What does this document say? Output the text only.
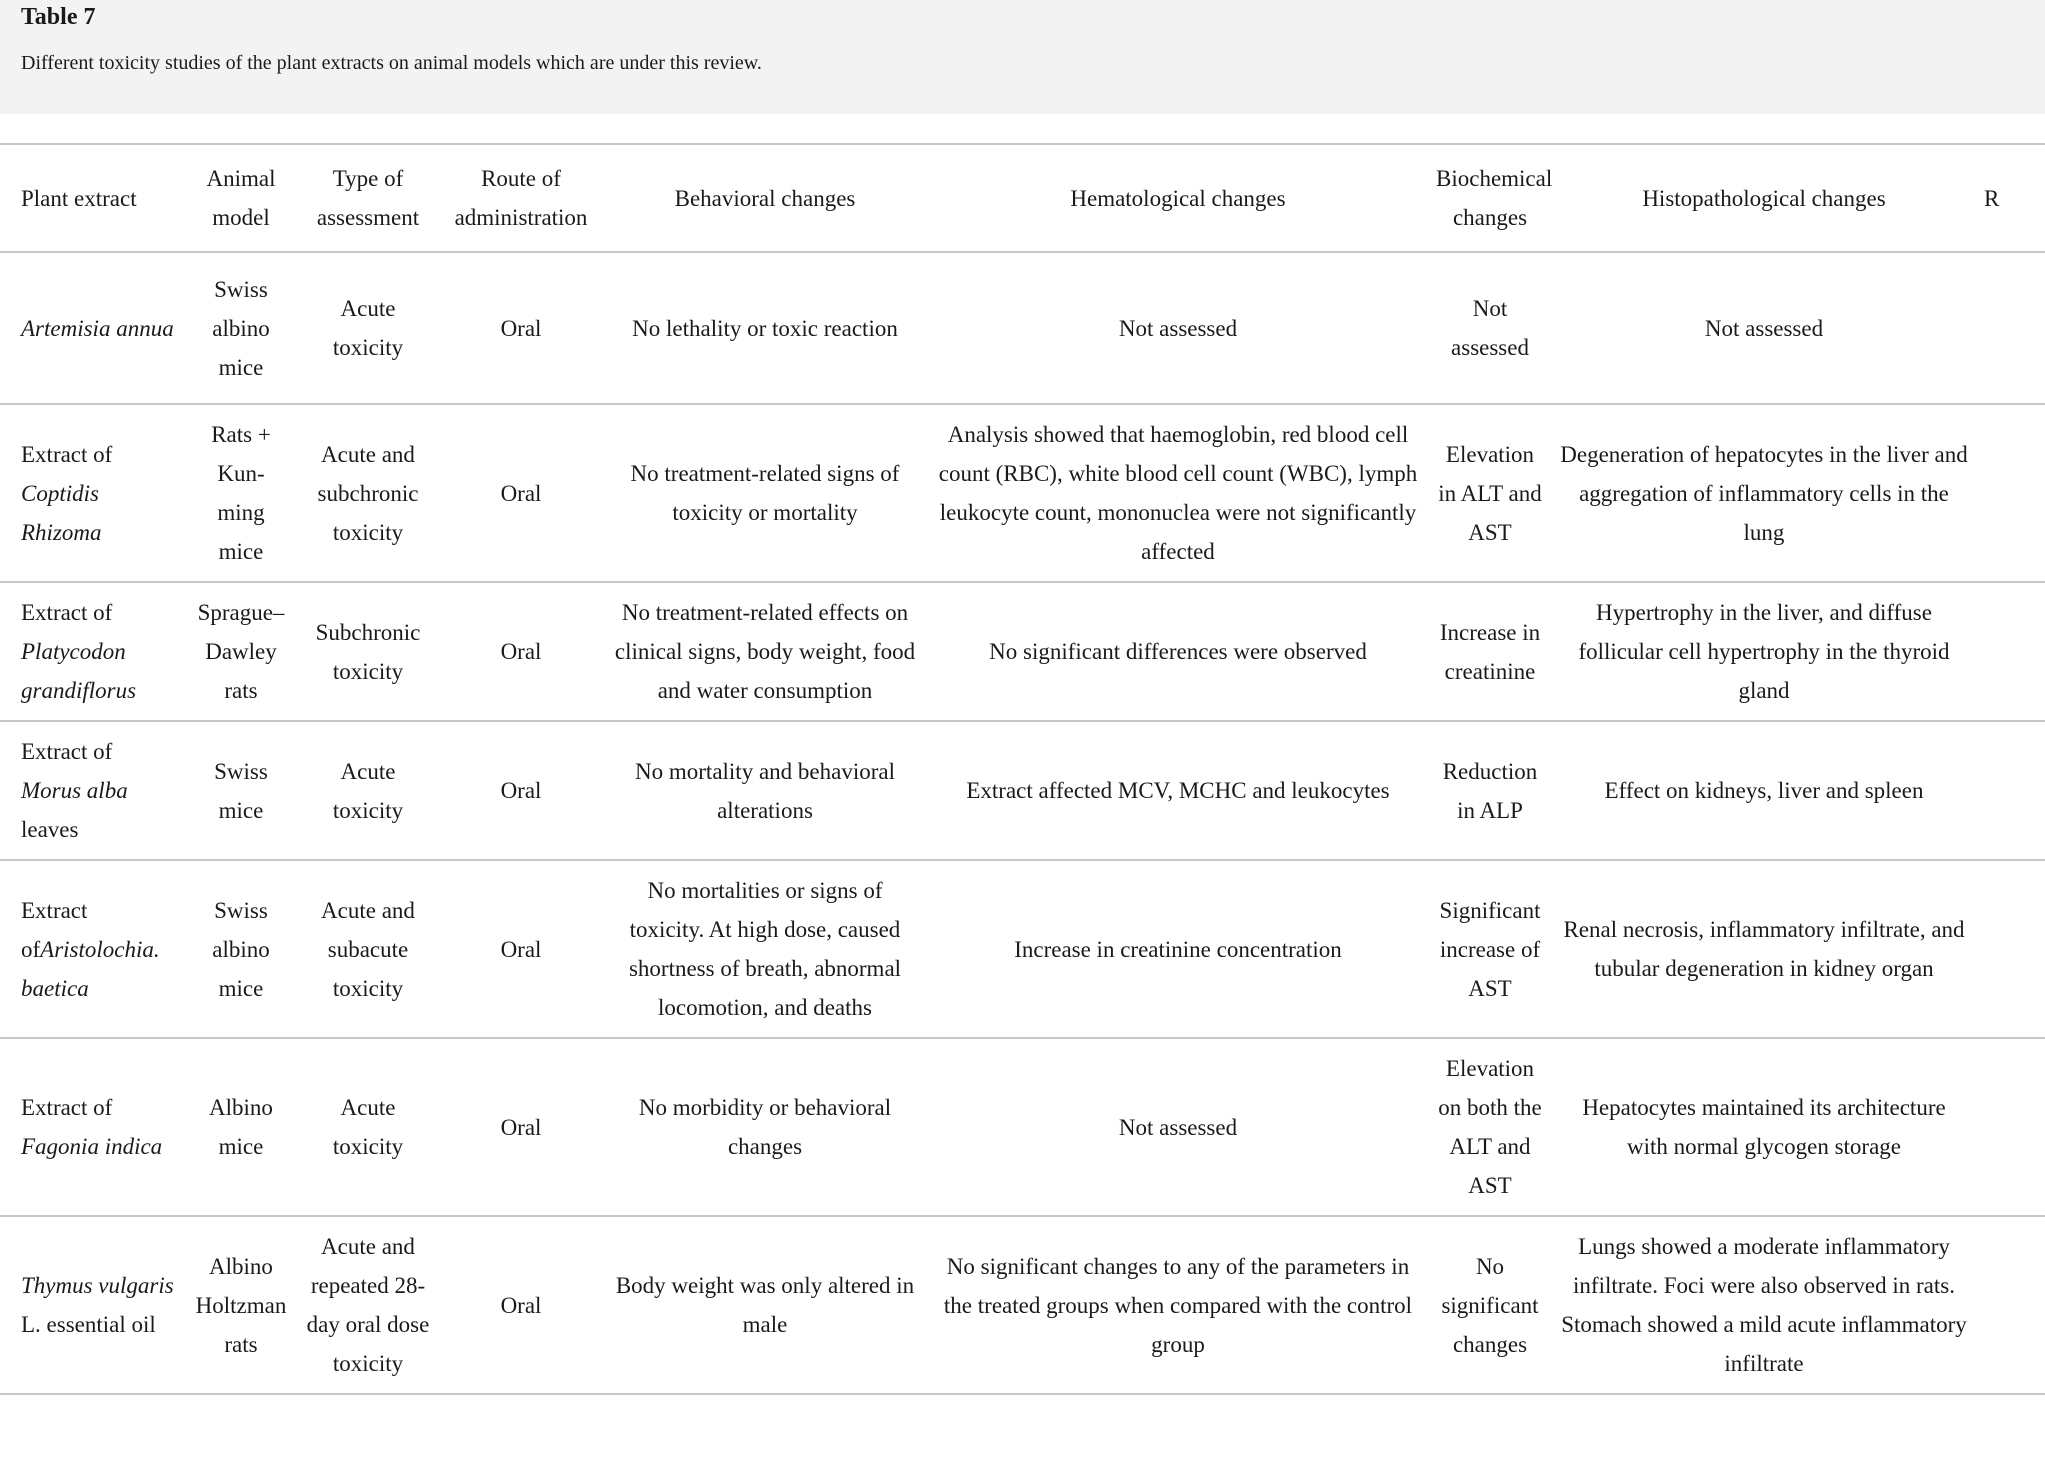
Table 7
Different toxicity studies of the plant extracts on animal models which are under this review.
Plant extract	Animal model	Type of assessment	Route of administration	Behavioral changes	Hematological changes	Biochemical changes	Histopathological changes	R
Artemisia annua	Swiss albino mice	Acute toxicity	Oral	No lethality or toxic reaction	Not assessed	Not assessed	Not assessed	
Extract of Coptidis Rhizoma	Rats + Kun-ming mice	Acute and subchronic toxicity	Oral	No treatment-related signs of toxicity or mortality	Analysis showed that haemoglobin, red blood cell count (RBC), white blood cell count (WBC), lymph leukocyte count, mononuclea were not significantly affected	Elevation in ALT and AST	Degeneration of hepatocytes in the liver and aggregation of inflammatory cells in the lung	
Extract of Platycodon grandiflorus	Sprague–Dawley rats	Subchronic toxicity	Oral	No treatment-related effects on clinical signs, body weight, food and water consumption	No significant differences were observed	Increase in creatinine	Hypertrophy in the liver, and diffuse follicular cell hypertrophy in the thyroid gland	
Extract of Morus alba leaves	Swiss mice	Acute toxicity	Oral	No mortality and behavioral alterations	Extract affected MCV, MCHC and leukocytes	Reduction in ALP	Effect on kidneys, liver and spleen	
Extract ofAristolochia. baetica	Swiss albino mice	Acute and subacute toxicity	Oral	No mortalities or signs of toxicity. At high dose, caused shortness of breath, abnormal locomotion, and deaths	Increase in creatinine concentration	Significant increase of AST	Renal necrosis, inflammatory infiltrate, and tubular degeneration in kidney organ	
Extract of Fagonia indica	Albino mice	Acute toxicity	Oral	No morbidity or behavioral changes	Not assessed	Elevation on both the ALT and AST	Hepatocytes maintained its architecture with normal glycogen storage	
Thymus vulgaris L. essential oil	Albino Holtzman rats	Acute and repeated 28-day oral dose toxicity	Oral	Body weight was only altered in male	No significant changes to any of the parameters in the treated groups when compared with the control group	No significant changes	Lungs showed a moderate inflammatory infiltrate. Foci were also observed in rats. Stomach showed a mild acute inflammatory infiltrate	
